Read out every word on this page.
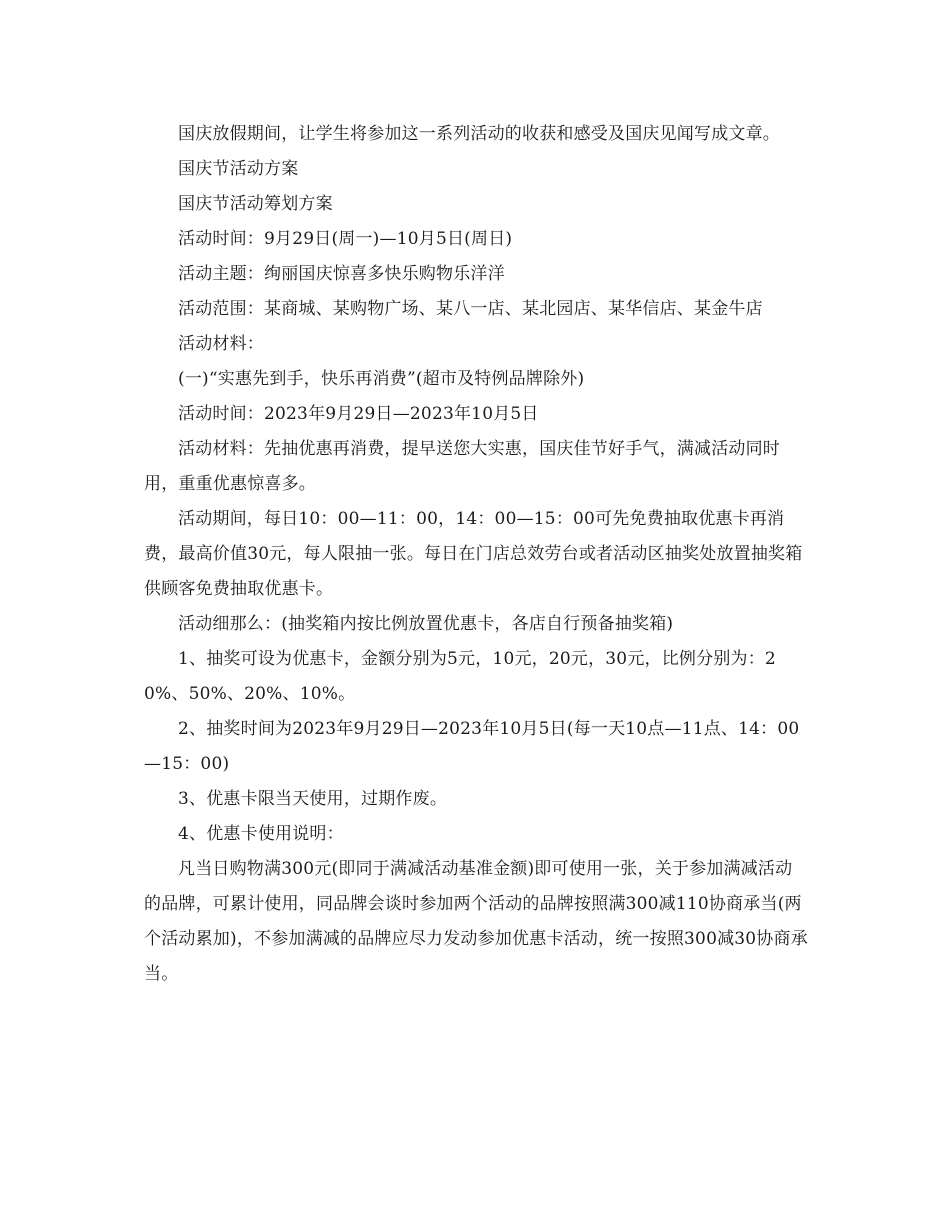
国庆放假期间，让学生将参加这一系列活动的收获和感受及国庆见闻写成文章。

国庆节活动方案

国庆节活动筹划方案

活动时间：9月29日(周一)—10月5日(周日)

活动主题：绚丽国庆惊喜多快乐购物乐洋洋

活动范围：某商城、某购物广场、某八一店、某北园店、某华信店、某金牛店

活动材料：

(一)“实惠先到手，快乐再消费”(超市及特例品牌除外)

活动时间：2023年9月29日—2023年10月5日

活动材料：先抽优惠再消费，提早送您大实惠，国庆佳节好手气，满减活动同时用，重重优惠惊喜多。

活动期间，每日10：00—11：00，14：00—15：00可先免费抽取优惠卡再消费，最高价值30元，每人限抽一张。每日在门店总效劳台或者活动区抽奖处放置抽奖箱供顾客免费抽取优惠卡。

活动细那么：(抽奖箱内按比例放置优惠卡，各店自行预备抽奖箱)

1、抽奖可设为优惠卡，金额分别为5元，10元，20元，30元，比例分别为：20%、50%、20%、10%。

2、抽奖时间为2023年9月29日—2023年10月5日(每一天10点—11点、14：00—15：00)

3、优惠卡限当天使用，过期作废。

4、优惠卡使用说明：

凡当日购物满300元(即同于满减活动基准金额)即可使用一张，关于参加满减活动的品牌，可累计使用，同品牌会谈时参加两个活动的品牌按照满300减110协商承当(两个活动累加)，不参加满减的品牌应尽力发动参加优惠卡活动，统一按照300减30协商承当。
